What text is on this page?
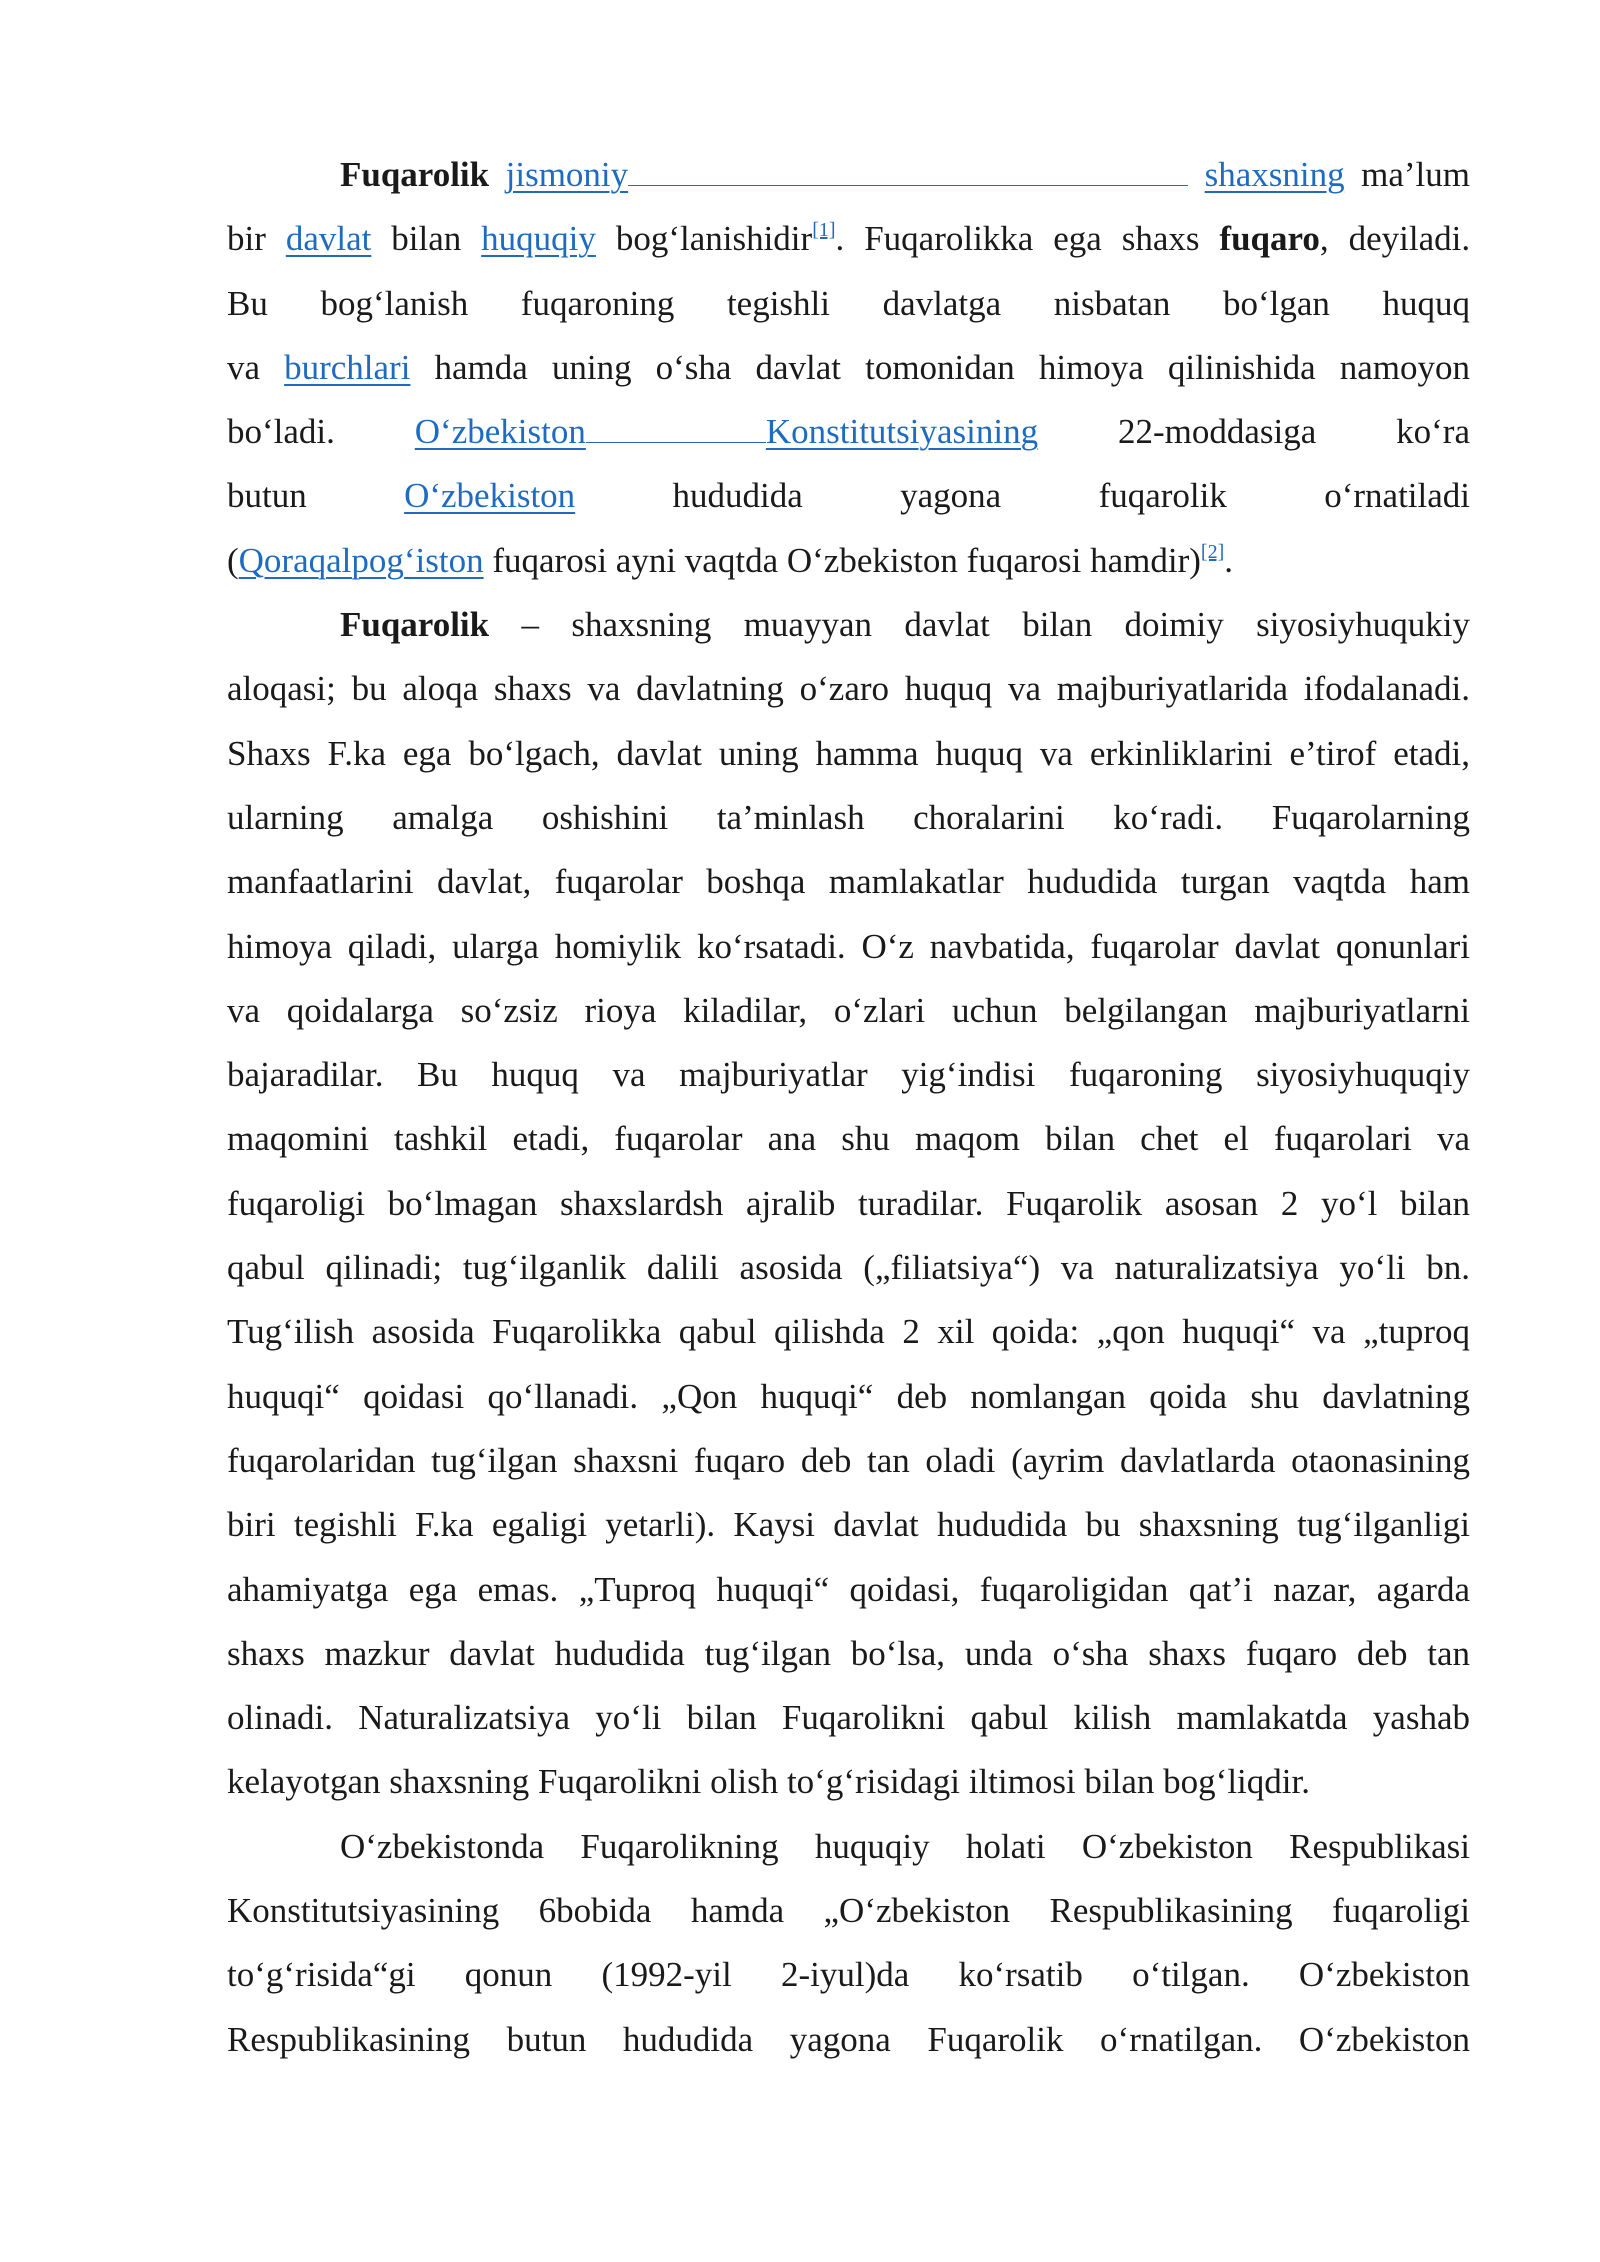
Fuqarolik jismoniy	shaxsning ma’lum
bir davlat bilan huquqiy bog‘lanishidir[1]. Fuqarolikka ega shaxs fuqaro, deyiladi.
Bu bog‘lanish fuqaroning tegishli davlatga nisbatan bo‘lgan huquq
va burchlari hamda uning o‘sha davlat tomonidan himoya qilinishida namoyon
bo‘ladi. O‘zbekiston	Konstitutsiyasining 22-moddasiga ko‘ra
butun	O‘zbekiston	hududida yagona fuqarolik o‘rnatiladi
(Qoraqalpog‘iston fuqarosi ayni vaqtda O‘zbekiston fuqarosi hamdir)[2].
Fuqarolik – shaxsning muayyan davlat bilan doimiy siyosiyhuqukiy
aloqasi; bu aloqa shaxs va davlatning o‘zaro huquq va majburiyatlarida ifodalanadi.
Shaxs F.ka ega bo‘lgach, davlat uning hamma huquq va erkinliklarini e’tirof etadi,
ularning amalga oshishini ta’minlash choralarini ko‘radi. Fuqarolarning
manfaatlarini davlat, fuqarolar boshqa mamlakatlar hududida turgan vaqtda ham
himoya qiladi, ularga homiylik ko‘rsatadi. O‘z navbatida, fuqarolar davlat qonunlari
va qoidalarga so‘zsiz rioya kiladilar, o‘zlari uchun belgilangan majburiyatlarni
bajaradilar. Bu huquq va majburiyatlar yig‘indisi fuqaroning siyosiyhuquqiy
maqomini tashkil etadi, fuqarolar ana shu maqom bilan chet el fuqarolari va
fuqaroligi bo‘lmagan shaxslardsh ajralib turadilar. Fuqarolik asosan 2 yo‘l bilan
qabul qilinadi; tug‘ilganlik dalili asosida („filiatsiya“) va naturalizatsiya yo‘li bn.
Tug‘ilish asosida Fuqarolikka qabul qilishda 2 xil qoida: „qon huquqi“ va „tuproq
huquqi“ qoidasi qo‘llanadi. „Qon huquqi“ deb nomlangan qoida shu davlatning
fuqarolaridan tug‘ilgan shaxsni fuqaro deb tan oladi (ayrim davlatlarda otaonasining
biri tegishli F.ka egaligi yetarli). Kaysi davlat hududida bu shaxsning tug‘ilganligi
ahamiyatga ega emas. „Tuproq huquqi“ qoidasi, fuqaroligidan qat’i nazar, agarda
shaxs mazkur davlat hududida tug‘ilgan bo‘lsa, unda o‘sha shaxs fuqaro deb tan
olinadi. Naturalizatsiya yo‘li bilan Fuqarolikni qabul kilish mamlakatda yashab
kelayotgan shaxsning Fuqarolikni olish to‘g‘risidagi iltimosi bilan bog‘liqdir.
O‘zbekistonda Fuqarolikning huquqiy holati O‘zbekiston Respublikasi
Konstitutsiyasining 6bobida hamda „O‘zbekiston Respublikasining fuqaroligi
to‘g‘risida“gi qonun (1992-yil 2-iyul)da ko‘rsatib o‘tilgan. O‘zbekiston
Respublikasining butun hududida yagona Fuqarolik o‘rnatilgan. O‘zbekiston
